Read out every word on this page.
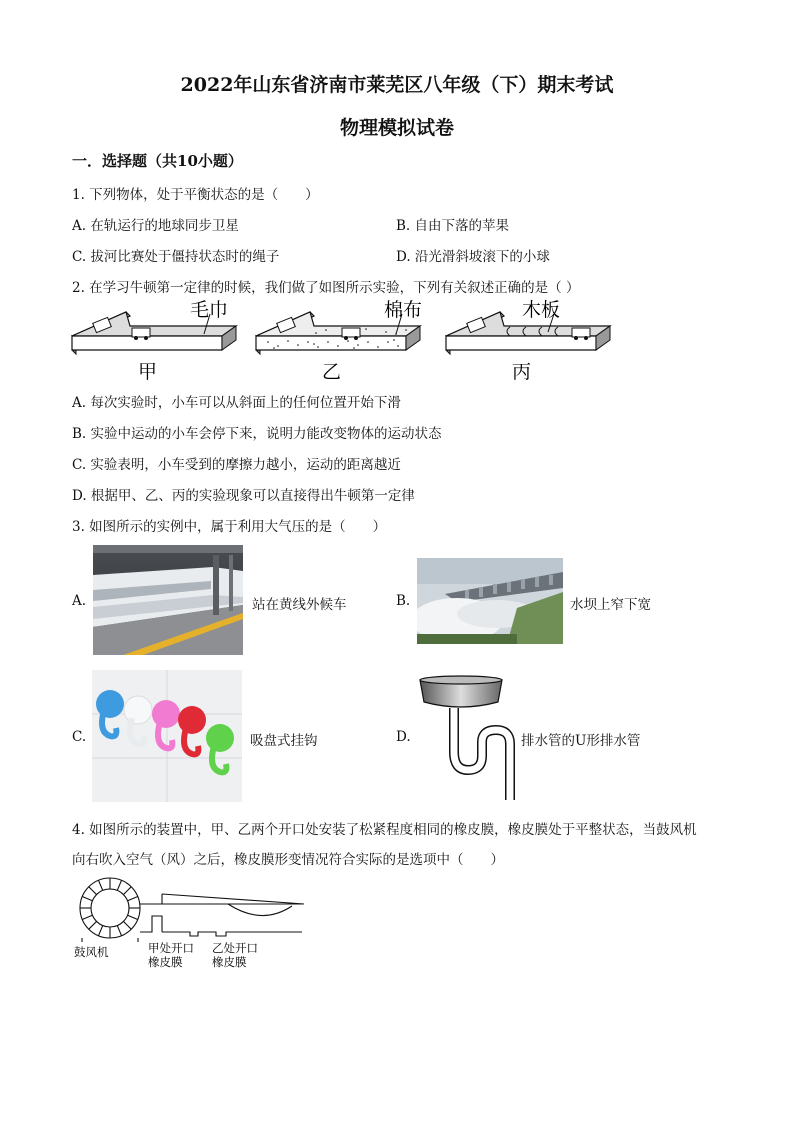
2022年山东省济南市莱芜区八年级（下）期末考试
物理模拟试卷
一．选择题（共10小题）
1. 下列物体，处于平衡状态的是（　　）
A. 在轨运行的地球同步卫星	B. 自由下落的苹果
C. 拔河比赛处于僵持状态时的绳子	D. 沿光滑斜坡滚下的小球
2. 在学习牛顿第一定律的时候，我们做了如图所示实验，下列有关叙述正确的是（ ）
毛巾
甲
棉布
乙
木板
丙
A. 每次实验时，小车可以从斜面上的任何位置开始下滑
B. 实验中运动的小车会停下来，说明力能改变物体的运动状态
C. 实验表明，小车受到的摩擦力越小，运动的距离越近
D. 根据甲、乙、丙的实验现象可以直接得出牛顿第一定律
3. 如图所示的实例中，属于利用大气压的是（　　）
A.	站在黄线外候车	B.	水坝上窄下宽
C.	吸盘式挂钩	D.	排水管的U形排水管
4. 如图所示的装置中，甲、乙两个开口处安装了松紧程度相同的橡皮膜，橡皮膜处于平整状态，当鼓风机
向右吹入空气（风）之后，橡皮膜形变情况符合实际的是选项中（　　）
鼓风机	甲处开口
橡皮膜
乙处开口
橡皮膜
